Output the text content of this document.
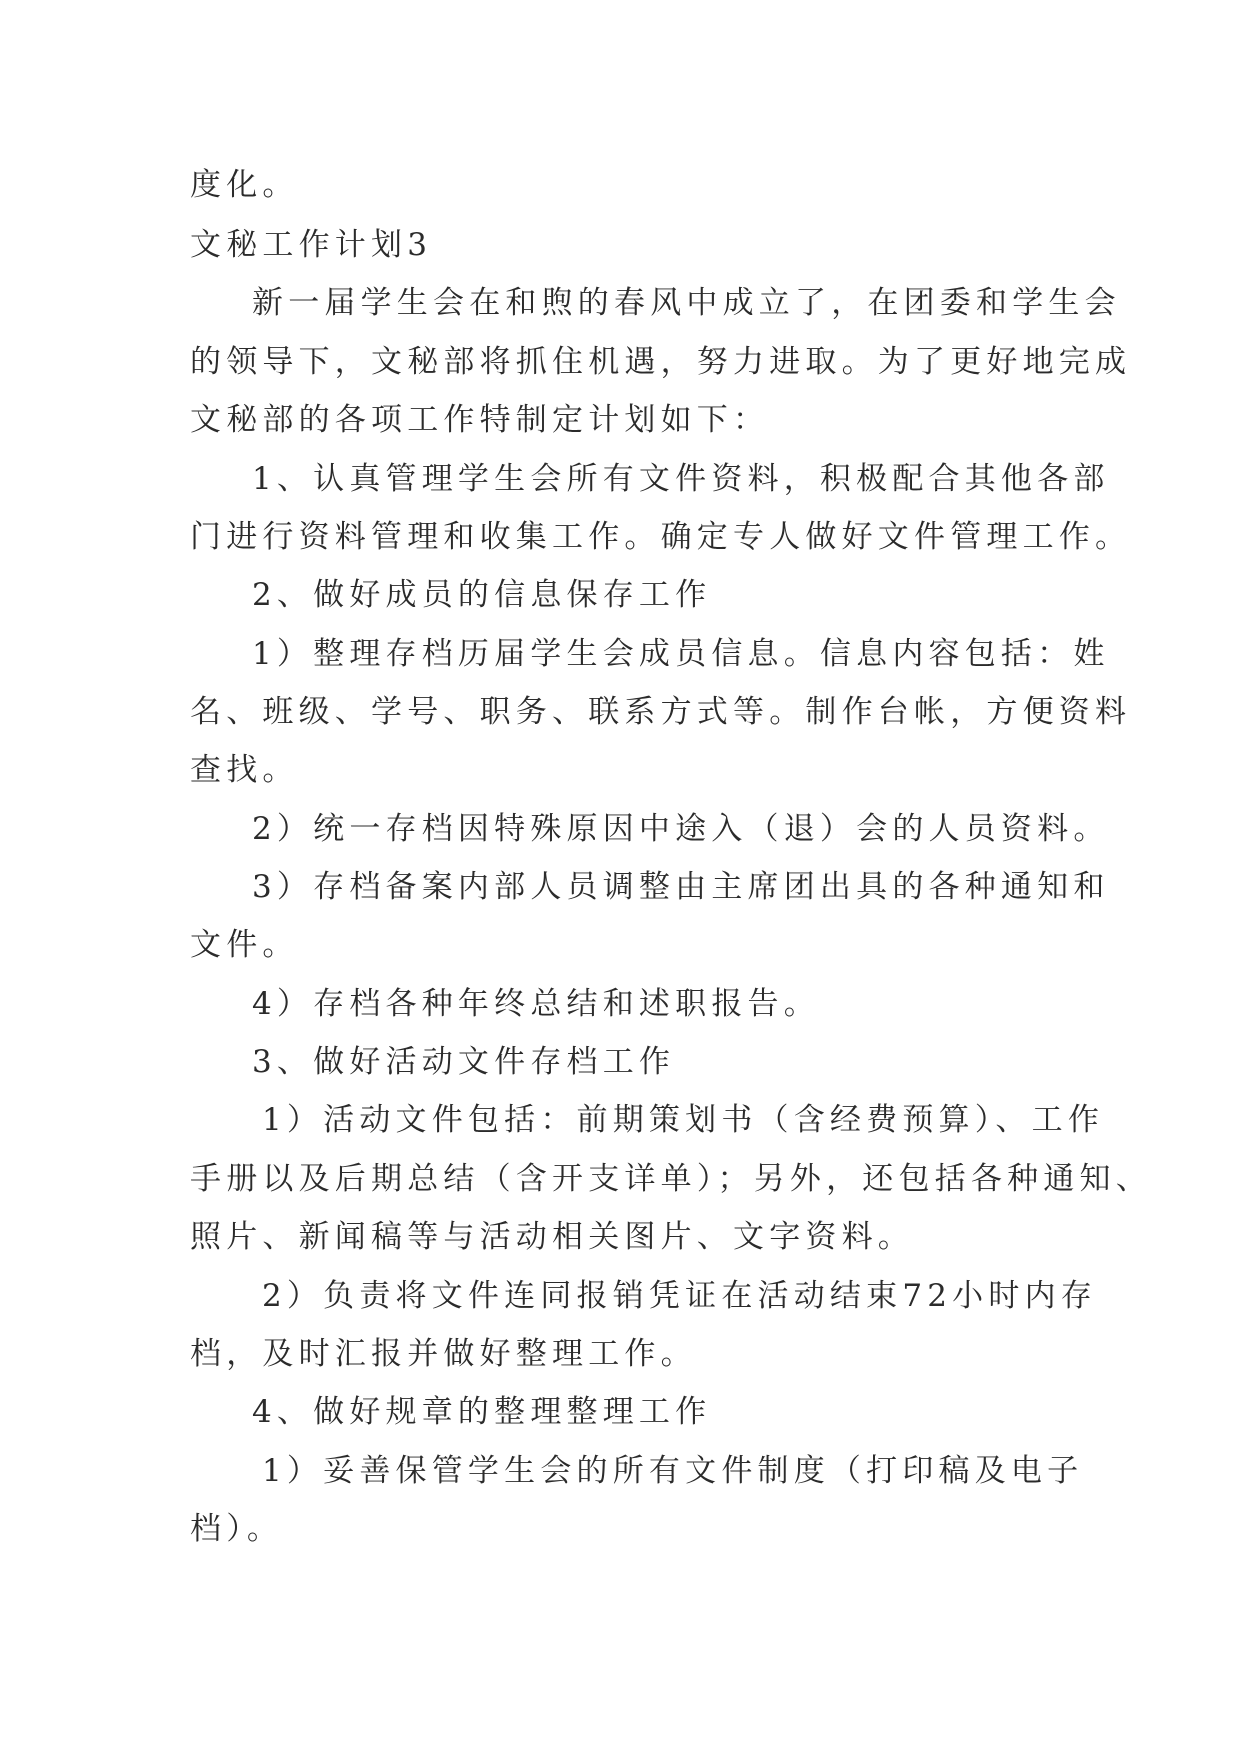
度化。
文秘工作计划3
新一届学生会在和煦的春风中成立了，在团委和学生会
的领导下，文秘部将抓住机遇，努力进取。为了更好地完成
文秘部的各项工作特制定计划如下：
1、认真管理学生会所有文件资料，积极配合其他各部
门进行资料管理和收集工作。确定专人做好文件管理工作。
2、做好成员的信息保存工作
1）整理存档历届学生会成员信息。信息内容包括：姓
名、班级、学号、职务、联系方式等。制作台帐，方便资料
查找。
2）统一存档因特殊原因中途入（退）会的人员资料。
3）存档备案内部人员调整由主席团出具的各种通知和
文件。
4）存档各种年终总结和述职报告。
3、做好活动文件存档工作
1）活动文件包括：前期策划书（含经费预算）、工作
手册以及后期总结（含开支详单）；另外，还包括各种通知、
照片、新闻稿等与活动相关图片、文字资料。
2）负责将文件连同报销凭证在活动结束72小时内存
档，及时汇报并做好整理工作。
4、做好规章的整理整理工作
1）妥善保管学生会的所有文件制度（打印稿及电子
档）。
